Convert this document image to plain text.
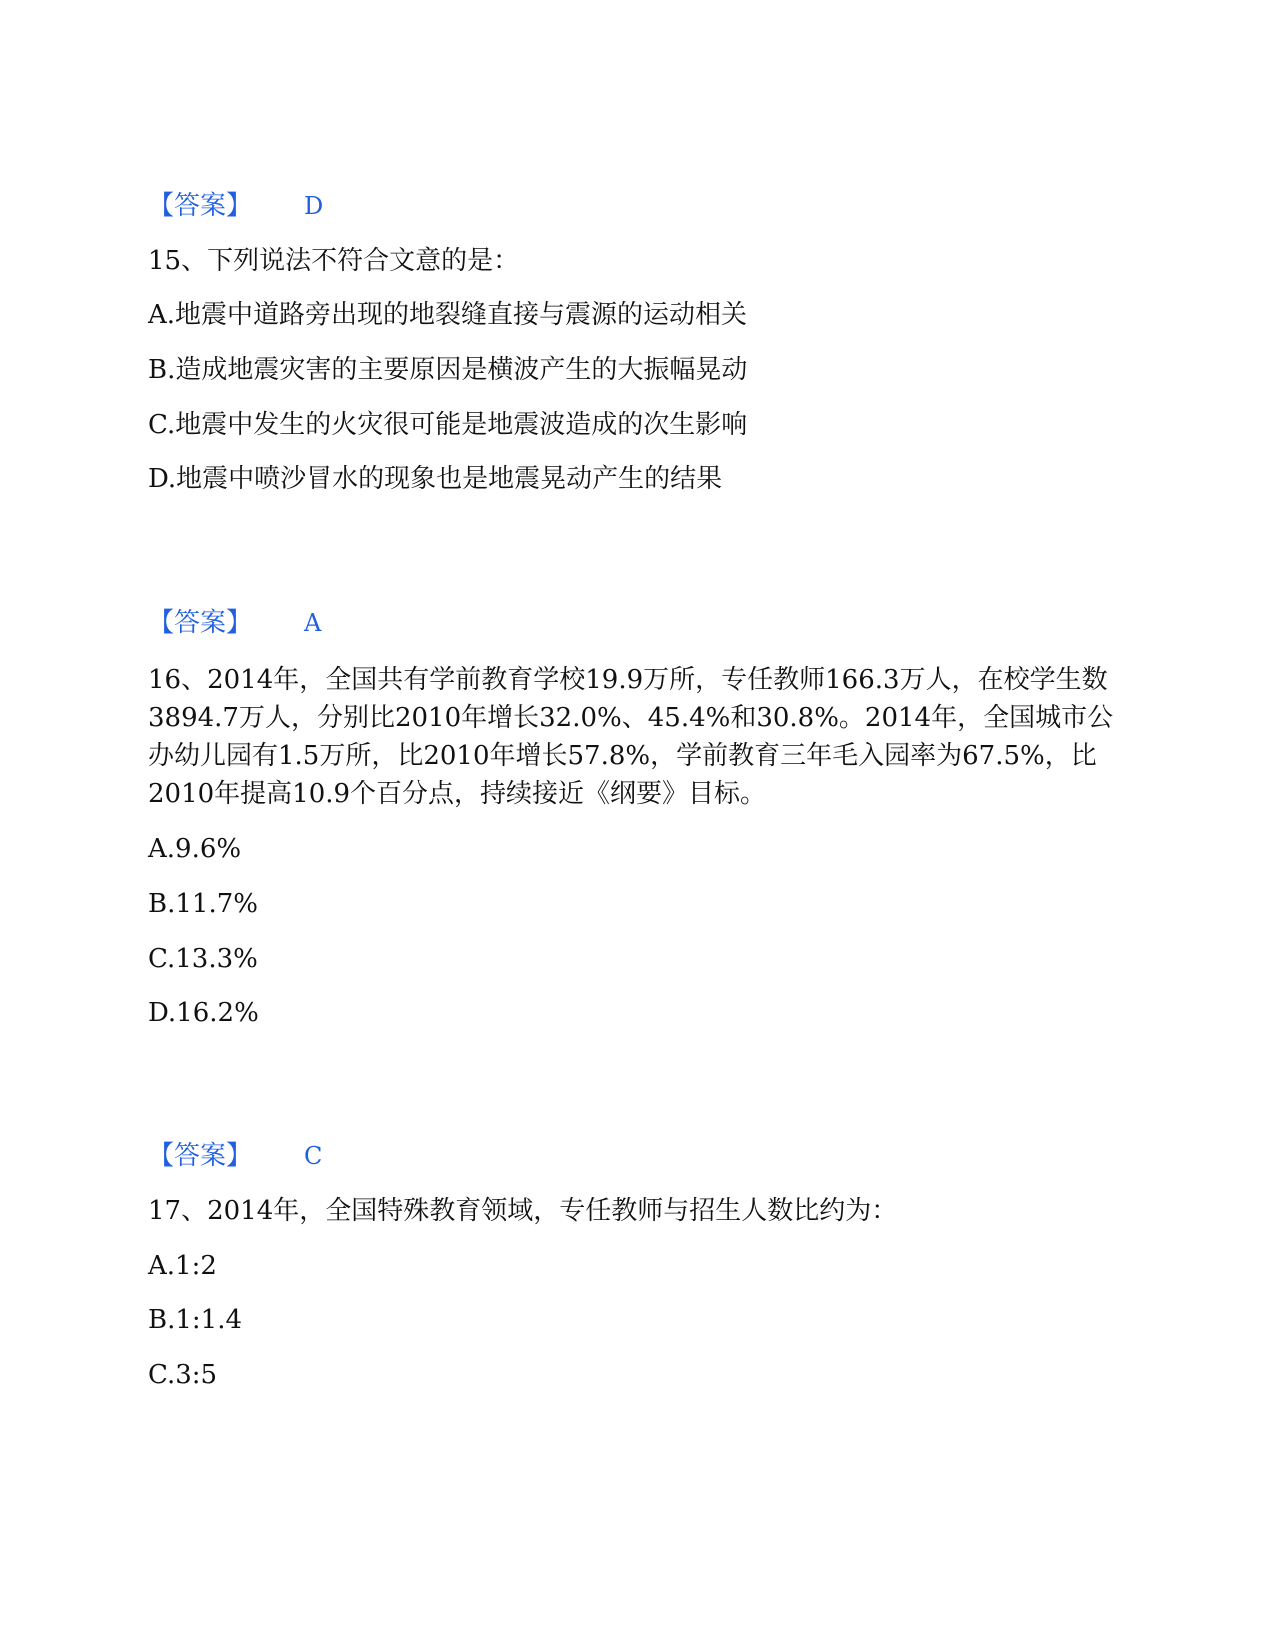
【答案】 D

15、下列说法不符合文意的是：

A.地震中道路旁出现的地裂缝直接与震源的运动相关

B.造成地震灾害的主要原因是横波产生的大振幅晃动

C.地震中发生的火灾很可能是地震波造成的次生影响

D.地震中喷沙冒水的现象也是地震晃动产生的结果

【答案】 A

16、2014年，全国共有学前教育学校19.9万所，专任教师166.3万人，在校学生数3894.7万人，分别比2010年增长32.0%、45.4%和30.8%。2014年，全国城市公办幼儿园有1.5万所，比2010年增长57.8%，学前教育三年毛入园率为67.5%，比2010年提高10.9个百分点，持续接近《纲要》目标。

A.9.6%

B.11.7%

C.13.3%

D.16.2%

【答案】 C

17、2014年，全国特殊教育领域，专任教师与招生人数比约为：

A.1:2

B.1:1.4

C.3:5
